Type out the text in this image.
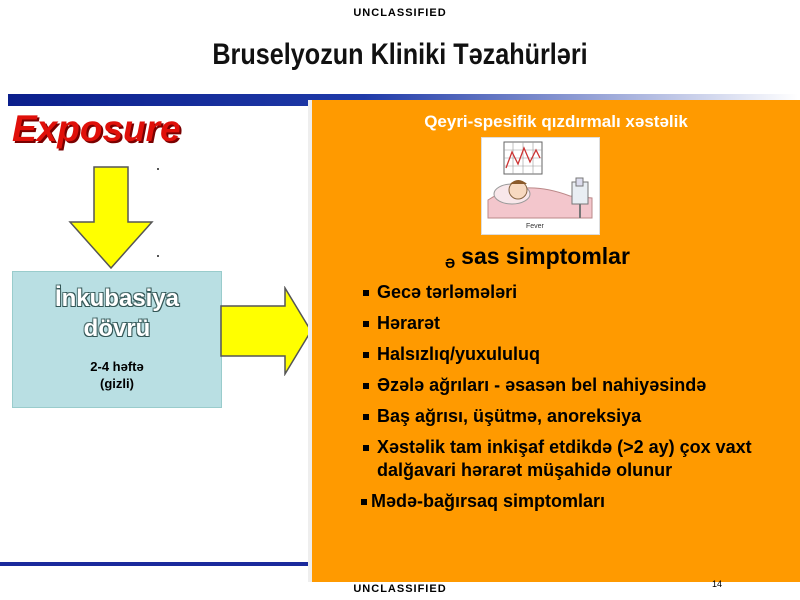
UNCLASSIFIED
Bruselyozun Kliniki Təzahürləri
Exposure
İnkubasiya
dövrü
2-4 həftə
(gizli)
Qeyri-spesifik qızdırmalı xəstəlik
Fever
Ə sas simptomlar
Gecə tərləmələri
Hərarət
Halsızlıq/yuxululuq
Əzələ ağrıları - əsasən bel nahiyəsində
Baş ağrısı, üşütmə, anoreksiya
Xəstəlik tam inkişaf etdikdə (>2 ay) çox vaxt dalğavari hərarət müşahidə olunur
Mədə-bağırsaq simptomları
14
UNCLASSIFIED
